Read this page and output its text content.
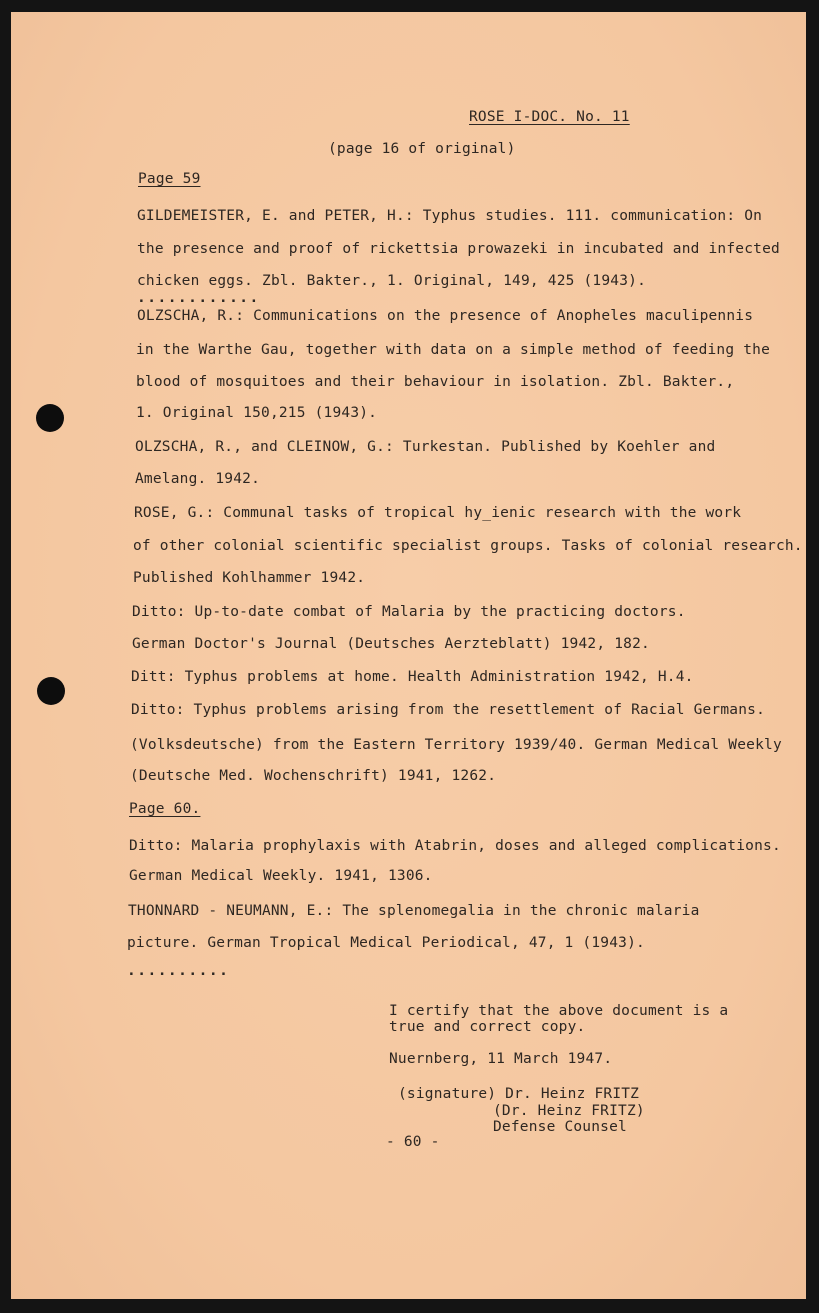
ROSE I-DOC. No. 11
(page 16 of original)
Page 59
GILDEMEISTER, E. and PETER, H.: Typhus studies. 111. communication: On
the presence and proof of rickettsia prowazeki in incubated and infected
chicken eggs. Zbl. Bakter., 1. Original, 149, 425 (1943).
............
OLZSCHA, R.: Communications on the presence of Anopheles maculipennis
in the Warthe Gau, together with data on a simple method of feeding the
blood of mosquitoes and their behaviour in isolation. Zbl. Bakter.,
1. Original 150,215 (1943).
OLZSCHA, R., and CLEINOW, G.: Turkestan. Published by Koehler and
Amelang. 1942.
ROSE, G.: Communal tasks of tropical hy_ienic research with the work
of other colonial scientific specialist groups. Tasks of colonial research.
Published Kohlhammer 1942.
Ditto: Up-to-date combat of Malaria by the practicing doctors.
German Doctor's Journal (Deutsches Aerzteblatt) 1942, 182.
Ditt: Typhus problems at home. Health Administration 1942, H.4.
Ditto: Typhus problems arising from the resettlement of Racial Germans.
(Volksdeutsche) from the Eastern Territory 1939/40. German Medical Weekly
(Deutsche Med. Wochenschrift) 1941, 1262.
Page 60.
Ditto: Malaria prophylaxis with Atabrin, doses and alleged complications.
German Medical Weekly. 1941, 1306.
THONNARD - NEUMANN, E.: The splenomegalia in the chronic malaria
picture. German Tropical Medical Periodical, 47, 1 (1943).
..........
I certify that the above document is a
true and correct copy.
Nuernberg, 11 March 1947.
(signature) Dr. Heinz FRITZ
(Dr. Heinz FRITZ)
Defense Counsel
- 60 -
